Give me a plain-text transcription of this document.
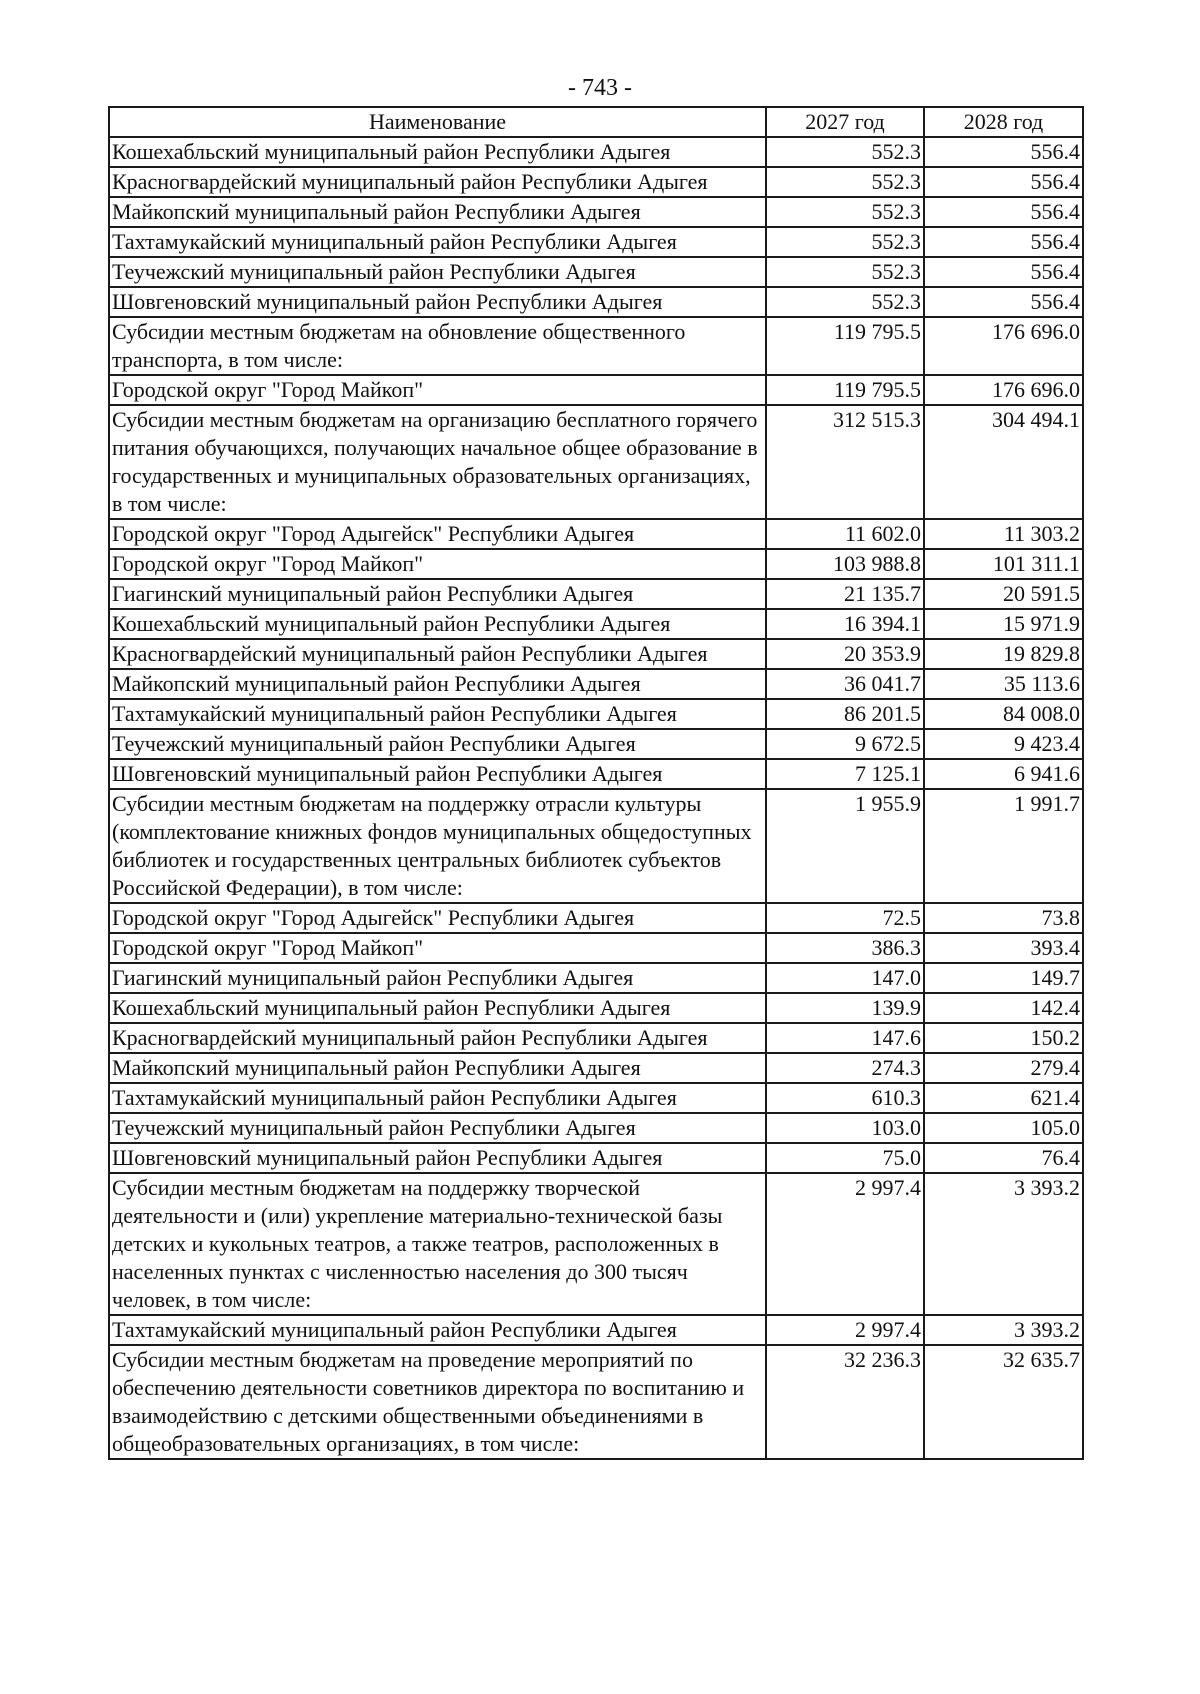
- 743 -
Наименование	2027 год	2028 год
Кошехабльский муниципальный район Республики Адыгея	552.3	556.4
Красногвардейский муниципальный район Республики Адыгея	552.3	556.4
Майкопский муниципальный район Республики Адыгея	552.3	556.4
Тахтамукайский муниципальный район Республики Адыгея	552.3	556.4
Теучежский муниципальный район Республики Адыгея	552.3	556.4
Шовгеновский муниципальный район Республики Адыгея	552.3	556.4
Субсидии местным бюджетам на обновление общественного транспорта, в том числе:	119 795.5	176 696.0
Городской округ "Город Майкоп"	119 795.5	176 696.0
Субсидии местным бюджетам на организацию бесплатного горячего питания обучающихся, получающих начальное общее образование в государственных и муниципальных образовательных организациях, в том числе:	312 515.3	304 494.1
Городской округ "Город Адыгейск" Республики Адыгея	11 602.0	11 303.2
Городской округ "Город Майкоп"	103 988.8	101 311.1
Гиагинский муниципальный район Республики Адыгея	21 135.7	20 591.5
Кошехабльский муниципальный район Республики Адыгея	16 394.1	15 971.9
Красногвардейский муниципальный район Республики Адыгея	20 353.9	19 829.8
Майкопский муниципальный район Республики Адыгея	36 041.7	35 113.6
Тахтамукайский муниципальный район Республики Адыгея	86 201.5	84 008.0
Теучежский муниципальный район Республики Адыгея	9 672.5	9 423.4
Шовгеновский муниципальный район Республики Адыгея	7 125.1	6 941.6
Субсидии местным бюджетам на поддержку отрасли культуры (комплектование книжных фондов муниципальных общедоступных библиотек и государственных центральных библиотек субъектов Российской Федерации), в том числе:	1 955.9	1 991.7
Городской округ "Город Адыгейск" Республики Адыгея	72.5	73.8
Городской округ "Город Майкоп"	386.3	393.4
Гиагинский муниципальный район Республики Адыгея	147.0	149.7
Кошехабльский муниципальный район Республики Адыгея	139.9	142.4
Красногвардейский муниципальный район Республики Адыгея	147.6	150.2
Майкопский муниципальный район Республики Адыгея	274.3	279.4
Тахтамукайский муниципальный район Республики Адыгея	610.3	621.4
Теучежский муниципальный район Республики Адыгея	103.0	105.0
Шовгеновский муниципальный район Республики Адыгея	75.0	76.4
Субсидии местным бюджетам на поддержку творческой деятельности и (или) укрепление материально-технической базы детских и кукольных театров, а также театров, расположенных в населенных пунктах с численностью населения до 300 тысяч человек, в том числе:	2 997.4	3 393.2
Тахтамукайский муниципальный район Республики Адыгея	2 997.4	3 393.2
Субсидии местным бюджетам на проведение мероприятий по обеспечению деятельности советников директора по воспитанию и взаимодействию с детскими общественными объединениями в общеобразовательных организациях, в том числе:	32 236.3	32 635.7
